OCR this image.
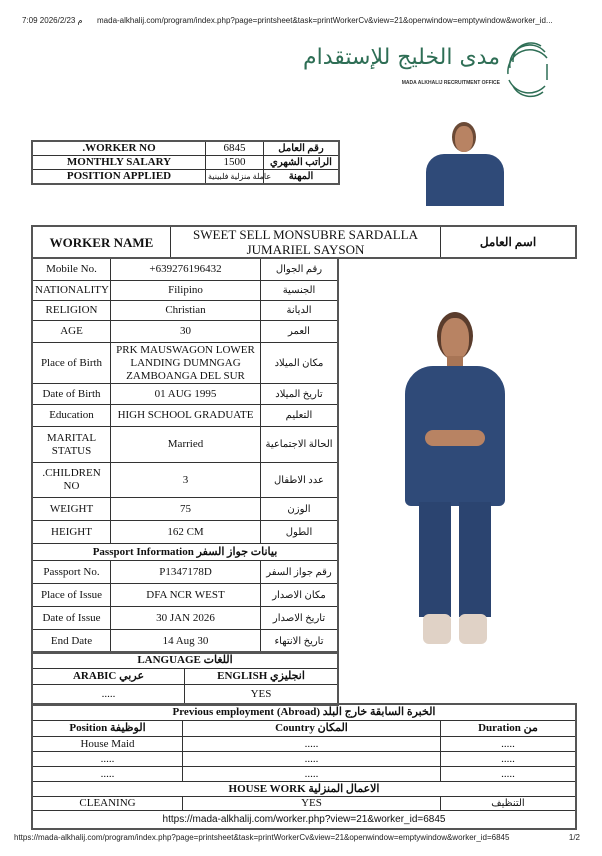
7:09 2026/2/23 م mada-alkhalij.com/program/index.php?page=printsheet&task=printWorkerCv&view=21&openwindow=emptywindow&worker_id...
مدى الخليج للإستقدام
MADA ALKHALIJ RECRUITMENT OFFICE
.WORKER NO	6845	رقم العامل
MONTHLY SALARY	1500	الراتب الشهري
POSITION APPLIED	عاملة منزلية فلبينية	المهنة
WORKER NAME	SWEET SELL MONSUBRE SARDALLA JUMARIEL SAYSON	اسم العامل
Mobile No.	+639276196432	رقم الجوال
NATIONALITY	Filipino	الجنسية
RELIGION	Christian	الديانة
AGE	30	العمر
Place of Birth	PRK MAUSWAGON LOWER LANDING DUMNGAG ZAMBOANGA DEL SUR	مكان الميلاد
Date of Birth	01 AUG 1995	تاريخ الميلاد
Education	HIGH SCHOOL GRADUATE	التعليم
MARITAL STATUS	Married	الحالة الاجتماعية
.CHILDREN NO	3	عدد الاطفال
WEIGHT	75	الوزن
HEIGHT	162 CM	الطول
Passport Information بيانات جواز السفر		
Passport No.	P1347178D	رقم جواز السفر
Place of Issue	DFA NCR WEST	مكان الاصدار
Date of Issue	30 JAN 2026	تاريخ الاصدار
End Date	14 Aug 30	تاريخ الانتهاء
LANGUAGE اللغات	
ARABIC عربي	ENGLISH انجليزي
.....	YES
Previous employment (Abroad) الخبرة السابقة خارج البلد		
Position الوظيفة	Country المكان	Duration من
House Maid	.....	.....
.....	.....	.....
.....	.....	.....
HOUSE WORK الاعمال المنزلية		
CLEANING	YES	التنظيف
https://mada-alkhalij.com/worker.php?view=21&worker_id=6845		
https://mada-alkhalij.com/program/index.php?page=printsheet&task=printWorkerCv&view=21&openwindow=emptywindow&worker_id=6845	1/2
